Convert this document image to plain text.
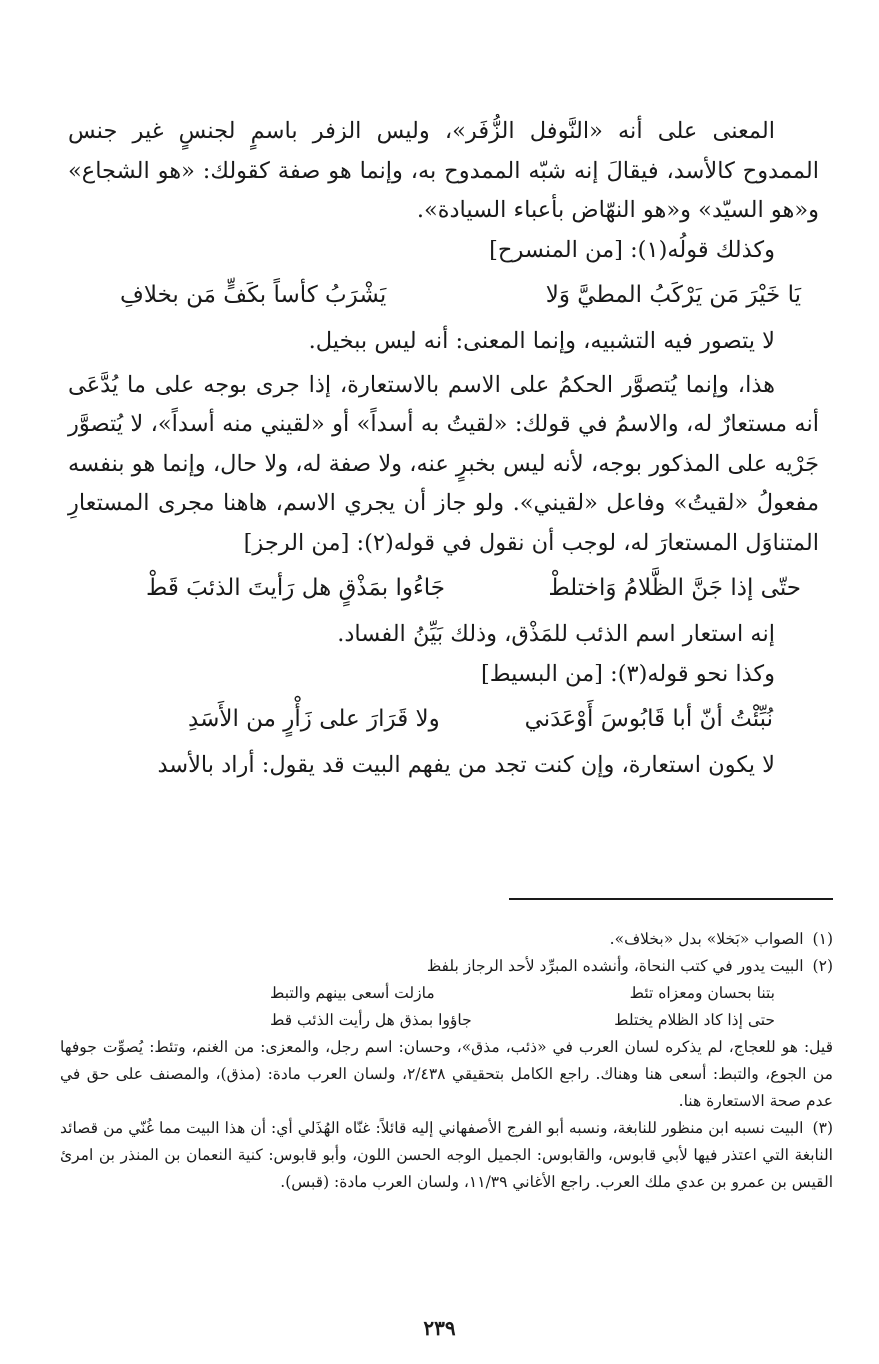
المعنى على أنه «النَّوفل الزُّفَر»، وليس الزفر باسمٍ لجنسٍ غير جنس الممدوح كالأسد، فيقالَ إنه شبّه الممدوح به، وإنما هو صفة كقولك: «هو الشجاع» و«هو السيّد» و«هو النهّاض بأعباء السيادة».

وكذلك قولُه(١): [من المنسرح]

يَا خَيْرَ مَن يَرْكَبُ المطيَّ وَلا
يَشْرَبُ كأساً بكَفٍّ مَن بخلافِ

لا يتصور فيه التشبيه، وإنما المعنى: أنه ليس ببخيل.

هذا، وإنما يُتصوَّر الحكمُ على الاسم بالاستعارة، إذا جرى بوجه على ما يُدَّعَى أنه مستعارٌ له، والاسمُ في قولك: «لقيتُ به أسداً» أو «لقيني منه أسداً»، لا يُتصوَّر جَرْيه على المذكور بوجه، لأنه ليس بخبرٍ عنه، ولا صفة له، ولا حال، وإنما هو بنفسه مفعولُ «لقيتُ» وفاعل «لقيني». ولو جاز أن يجري الاسم، هاهنا مجرى المستعارِ المتناوَل المستعارَ له، لوجب أن نقول في قوله(٢): [من الرجز]

حتّى إذا جَنَّ الظَّلامُ وَاختلطْ
جَاءُوا بمَذْقٍ هل رَأيتَ الذئبَ قَطْ

إنه استعار اسم الذئب للمَذْق، وذلك بَيِّنُ الفساد.

وكذا نحو قوله(٣): [من البسيط]

نُبِّئْتُ أنّ أبا قَابُوسَ أَوْعَدَني
ولا قَرَارَ على زَأْرٍ من الأَسَدِ

لا يكون استعارة، وإن كنت تجد من يفهم البيت قد يقول: أراد بالأسد

(١) الصواب «بَخلا» بدل «بخلاف».

(٢) البيت يدور في كتب النحاة، وأنشده المبرِّد لأحد الرجاز بلفظ

بتنا بحسان ومعزاه تئط
مازلت أسعى بينهم والتبط
حتى إذا كاد الظلام يختلط
جاؤوا بمذق هل رأيت الذئب قط

قيل: هو للعجاج، لم يذكره لسان العرب في «ذئب، مذق»، وحسان: اسم رجل، والمعزى: من الغنم، وتئط: يُصوِّت جوفها من الجوع، والتبط: أسعى هنا وهناك. راجع الكامل بتحقيقي ٢/٤٣٨، ولسان العرب مادة: (مذق)، والمصنف على حق في عدم صحة الاستعارة هنا.

(٣) البيت نسبه ابن منظور للنابغة، ونسبه أبو الفرج الأصفهاني إليه قائلاً: غنّاه الهُذَلي أي: أن هذا البيت مما غُنّي من قصائد النابغة التي اعتذر فيها لأبي قابوس، والقابوس: الجميل الوجه الحسن اللون، وأبو قابوس: كنية النعمان بن المنذر بن امرئ القيس بن عمرو بن عدي ملك العرب. راجع الأغاني ١١/٣٩، ولسان العرب مادة: (قبس).

٢٣٩
